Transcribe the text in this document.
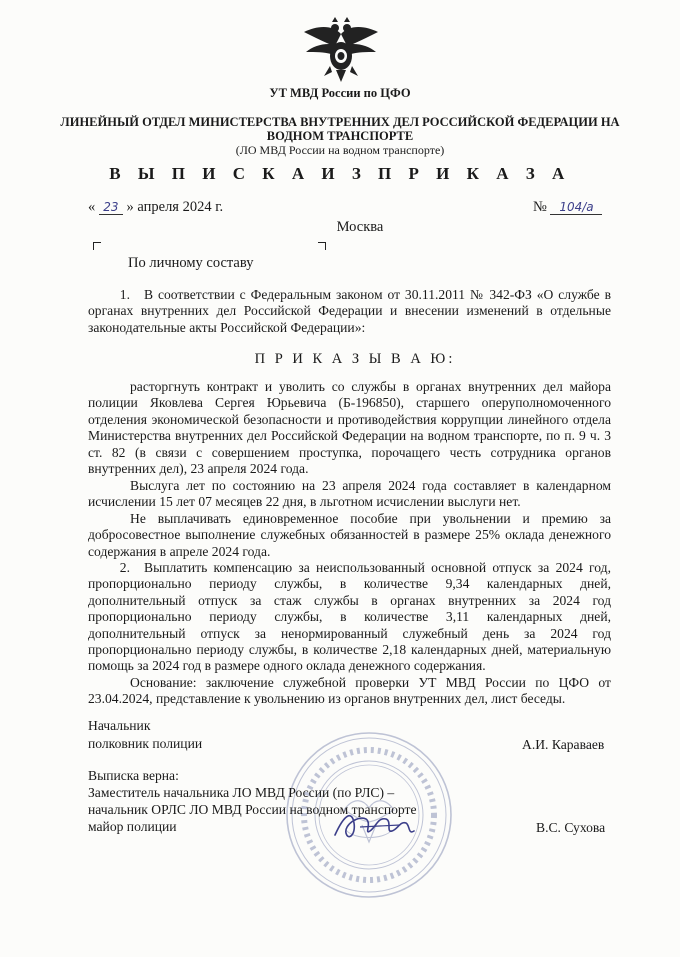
УТ МВД России по ЦФО
ЛИНЕЙНЫЙ ОТДЕЛ МИНИСТЕРСТВА ВНУТРЕННИХ ДЕЛ РОССИЙСКОЙ ФЕДЕРАЦИИ НА ВОДНОМ ТРАНСПОРТЕ
(ЛО МВД России на водном транспорте)
В Ы П И С К А И З П Р И К А З А
« 23 » апреля 2024 г.	№ 104/а
Москва
По личному составу
1. В соответствии с Федеральным законом от 30.11.2011 № 342-ФЗ «О службе в органах внутренних дел Российской Федерации и внесении изменений в отдельные законодательные акты Российской Федерации»:
П Р И К А З Ы В А Ю:
расторгнуть контракт и уволить со службы в органах внутренних дел майора полиции Яковлева Сергея Юрьевича (Б-196850), старшего оперуполномоченного отделения экономической безопасности и противодействия коррупции линейного отдела Министерства внутренних дел Российской Федерации на водном транспорте, по п. 9 ч. 3 ст. 82 (в связи с совершением проступка, порочащего честь сотрудника органов внутренних дел), 23 апреля 2024 года.
Выслуга лет по состоянию на 23 апреля 2024 года составляет в календарном исчислении 15 лет 07 месяцев 22 дня, в льготном исчислении выслуги нет.
Не выплачивать единовременное пособие при увольнении и премию за добросовестное выполнение служебных обязанностей в размере 25% оклада денежного содержания в апреле 2024 года.
2. Выплатить компенсацию за неиспользованный основной отпуск за 2024 год, пропорционально периоду службы, в количестве 9,34 календарных дней, дополнительный отпуск за стаж службы в органах внутренних за 2024 год пропорционально периоду службы, в количестве 3,11 календарных дней, дополнительный отпуск за ненормированный служебный день за 2024 год пропорционально периоду службы, в количестве 2,18 календарных дней, материальную помощь за 2024 год в размере одного оклада денежного содержания.
Основание: заключение служебной проверки УТ МВД России по ЦФО от 23.04.2024, представление к увольнению из органов внутренних дел, лист беседы.
Начальник
полковник полиции	А.И. Караваев
Выписка верна:
Заместитель начальника ЛО МВД России (по РЛС) –
начальник ОРЛС ЛО МВД России на водном транспорте
майор полиции	В.С. Сухова
